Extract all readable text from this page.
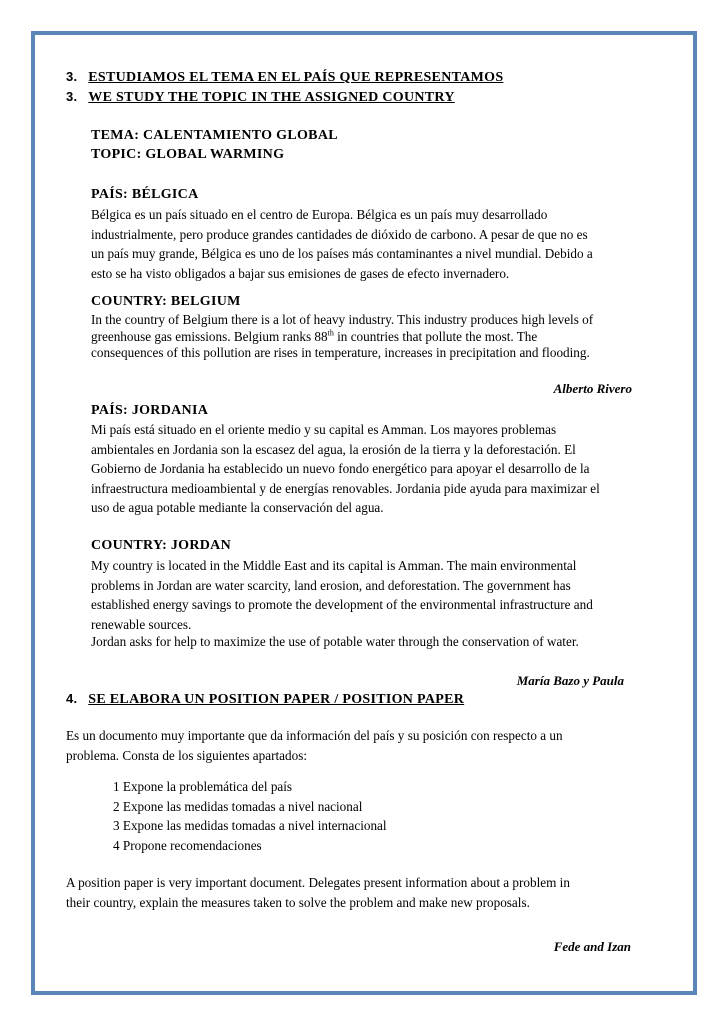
3. ESTUDIAMOS EL TEMA EN EL PAÍS QUE REPRESENTAMOS
3. WE STUDY THE TOPIC IN THE ASSIGNED COUNTRY
TEMA: CALENTAMIENTO GLOBAL
TOPIC: GLOBAL WARMING
PAÍS: BÉLGICA
Bélgica es un país situado en el centro de Europa. Bélgica es un país muy desarrollado
industrialmente, pero produce grandes cantidades de dióxido de carbono. A pesar de que no es
un país muy grande, Bélgica es uno de los países más contaminantes a nivel mundial. Debido a
esto se ha visto obligados a bajar sus emisiones de gases de efecto invernadero.
COUNTRY: BELGIUM
In the country of Belgium there is a lot of heavy industry. This industry produces high levels of
greenhouse gas emissions. Belgium ranks 88th in countries that pollute the most. The
consequences of this pollution are rises in temperature, increases in precipitation and flooding.
Alberto Rivero
PAÍS: JORDANIA
Mi país está situado en el oriente medio y su capital es Amman. Los mayores problemas
ambientales en Jordania son la escasez del agua, la erosión de la tierra y la deforestación. El
Gobierno de Jordania ha establecido un nuevo fondo energético para apoyar el desarrollo de la
infraestructura medioambiental y de energías renovables. Jordania pide ayuda para maximizar el
uso de agua potable mediante la conservación del agua.
COUNTRY: JORDAN
My country is located in the Middle East and its capital is Amman. The main environmental
problems in Jordan are water scarcity, land erosion, and deforestation. The government has
established energy savings to promote the development of the environmental infrastructure and
renewable sources.
Jordan asks for help to maximize the use of potable water through the conservation of water.
María Bazo y Paula
4. SE ELABORA UN POSITION PAPER / POSITION PAPER
Es un documento muy importante que da información del país y su posición con respecto a un
problema. Consta de los siguientes apartados:
1 Expone la problemática del país
2 Expone las medidas tomadas a nivel nacional
3 Expone las medidas tomadas a nivel internacional
4 Propone recomendaciones
A position paper is very important document. Delegates present information about a problem in
their country, explain the measures taken to solve the problem and make new proposals.
Fede and Izan
